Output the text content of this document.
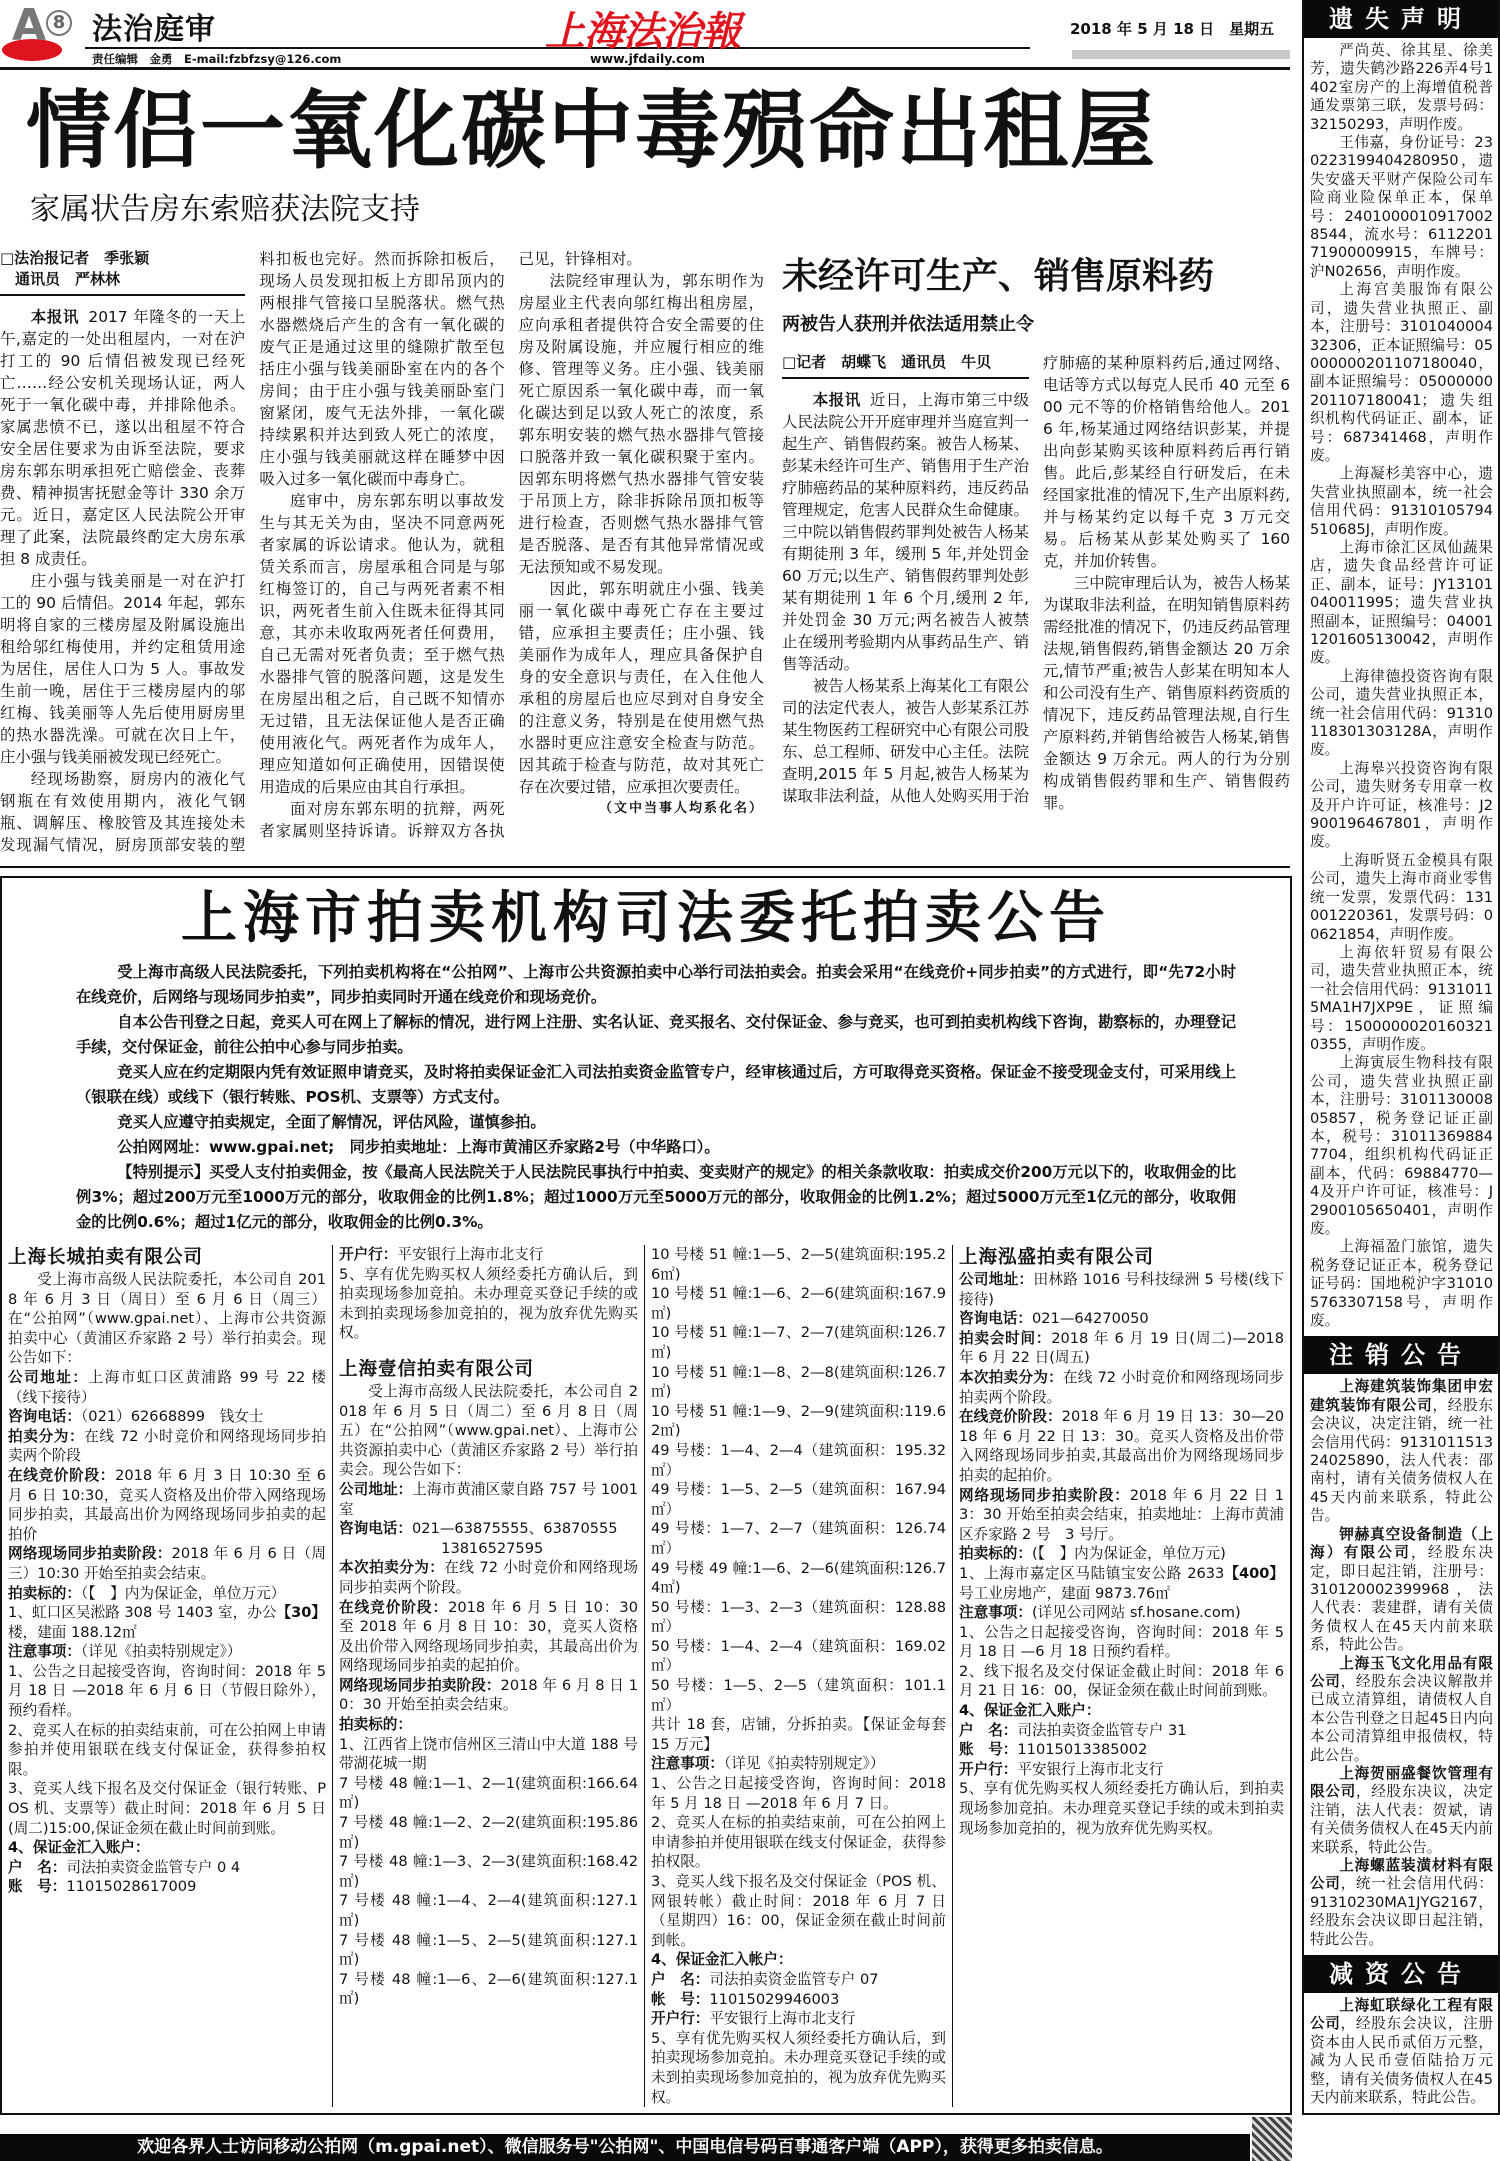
A 8 法治庭审
责任编辑　金勇　E-mail:fzbfzsy@126.com
上海法治報
www.jfdaily.com
2018 年 5 月 18 日　星期五
情侣一氧化碳中毒殒命出租屋
家属状告房东索赔获法院支持
□法治报记者　季张颖
　通讯员　严林林
本报讯 2017 年隆冬的一天上午,嘉定的一处出租屋内，一对在沪打工的 90 后情侣被发现已经死亡……经公安机关现场认证，两人死于一氧化碳中毒，并排除他杀。家属悲愤不已，遂以出租屋不符合安全居住要求为由诉至法院，要求房东郭东明承担死亡赔偿金、丧葬费、精神损害抚慰金等计 330 余万元。近日，嘉定区人民法院公开审理了此案，法院最终酌定大房东承担 8 成责任。
庄小强与钱美丽是一对在沪打工的 90 后情侣。2014 年起，郭东明将自家的三楼房屋及附属设施出租给邬红梅使用，并约定租赁用途为居住，居住人口为 5 人。事故发生前一晚，居住于三楼房屋内的邬红梅、钱美丽等人先后使用厨房里的热水器洗澡。可就在次日上午，庄小强与钱美丽被发现已经死亡。
经现场勘察，厨房内的液化气钢瓶在有效使用期内，液化气钢瓶、调解压、橡胶管及其连接处未发现漏气情况，厨房顶部安装的塑料扣板也完好。然而拆除扣板后，现场人员发现扣板上方即吊顶内的两根排气管接口呈脱落状。燃气热水器燃烧后产生的含有一氧化碳的废气正是通过这里的缝隙扩散至包括庄小强与钱美丽卧室在内的各个房间；由于庄小强与钱美丽卧室门窗紧闭，废气无法外排，一氧化碳持续累积并达到致人死亡的浓度，庄小强与钱美丽就这样在睡梦中因吸入过多一氧化碳而中毒身亡。
庭审中，房东郭东明以事故发生与其无关为由，坚决不同意两死者家属的诉讼请求。他认为，就租赁关系而言，房屋承租合同是与邬红梅签订的，自己与两死者素不相识，两死者生前入住既未征得其同意，其亦未收取两死者任何费用，自己无需对死者负责；至于燃气热水器排气管的脱落问题，这是发生在房屋出租之后，自己既不知情亦无过错，且无法保证他人是否正确使用液化气。两死者作为成年人，理应知道如何正确使用，因错误使用造成的后果应由其自行承担。
面对房东郭东明的抗辩，两死者家属则坚持诉请。诉辩双方各执己见，针锋相对。
法院经审理认为，郭东明作为房屋业主代表向邬红梅出租房屋，应向承租者提供符合安全需要的住房及附属设施，并应履行相应的维修、管理等义务。庄小强、钱美丽死亡原因系一氧化碳中毒，而一氧化碳达到足以致人死亡的浓度，系郭东明安装的燃气热水器排气管接口脱落并致一氧化碳积聚于室内。因郭东明将燃气热水器排气管安装于吊顶上方，除非拆除吊顶扣板等进行检查，否则燃气热水器排气管是否脱落、是否有其他异常情况或无法预知或不易发现。
因此，郭东明就庄小强、钱美丽一氧化碳中毒死亡存在主要过错，应承担主要责任；庄小强、钱美丽作为成年人，理应具备保护自身的安全意识与责任，在入住他人承租的房屋后也应尽到对自身安全的注意义务，特别是在使用燃气热水器时更应注意安全检查与防范。因其疏于检查与防范，故对其死亡存在次要过错，应承担次要责任。
（文中当事人均系化名）
未经许可生产、销售原料药
两被告人获刑并依法适用禁止令
□记者　胡蝶飞　通讯员　牛贝
本报讯 近日，上海市第三中级人民法院公开开庭审理并当庭宣判一起生产、销售假药案。被告人杨某、彭某未经许可生产、销售用于生产治疗肺癌药品的某种原料药，违反药品管理规定，危害人民群众生命健康。三中院以销售假药罪判处被告人杨某有期徒刑 3 年，缓刑 5 年,并处罚金 60 万元;以生产、销售假药罪判处彭某有期徒刑 1 年 6 个月,缓刑 2 年,并处罚金 30 万元;两名被告人被禁止在缓刑考验期内从事药品生产、销售等活动。
被告人杨某系上海某化工有限公司的法定代表人，被告人彭某系江苏某生物医药工程研究中心有限公司股东、总工程师、研发中心主任。法院查明,2015 年 5 月起,被告人杨某为谋取非法利益，从他人处购买用于治疗肺癌的某种原料药后,通过网络、电话等方式以每克人民币 40 元至 600 元不等的价格销售给他人。2016 年,杨某通过网络结识彭某，并提出向彭某购买该种原料药后再行销售。此后,彭某经自行研发后，在未经国家批准的情况下,生产出原料药,并与杨某约定以每千克 3 万元交易。后杨某从彭某处购买了 160 克，并加价转售。
三中院审理后认为，被告人杨某为谋取非法利益，在明知销售原料药需经批准的情况下，仍违反药品管理法规,销售假药,销售金额达 20 万余元,情节严重;被告人彭某在明知本人和公司没有生产、销售原料药资质的情况下，违反药品管理法规,自行生产原料药,并销售给被告人杨某,销售金额达 9 万余元。两人的行为分别构成销售假药罪和生产、销售假药罪。
上海市拍卖机构司法委托拍卖公告
受上海市高级人民法院委托，下列拍卖机构将在“公拍网”、上海市公共资源拍卖中心举行司法拍卖会。拍卖会采用“在线竞价+同步拍卖”的方式进行，即“先72小时在线竞价，后网络与现场同步拍卖”，同步拍卖同时开通在线竞价和现场竞价。
自本公告刊登之日起，竞买人可在网上了解标的情况，进行网上注册、实名认证、竞买报名、交付保证金、参与竞买，也可到拍卖机构线下咨询，勘察标的，办理登记手续，交付保证金，前往公拍中心参与同步拍卖。
竞买人应在约定期限内凭有效证照申请竞买，及时将拍卖保证金汇入司法拍卖资金监管专户，经审核通过后，方可取得竞买资格。保证金不接受现金支付，可采用线上（银联在线）或线下（银行转账、POS机、支票等）方式支付。
竞买人应遵守拍卖规定，全面了解情况，评估风险，谨慎参拍。
公拍网网址：www.gpai.net;　同步拍卖地址：上海市黄浦区乔家路2号（中华路口）。
【特别提示】买受人支付拍卖佣金，按《最高人民法院关于人民法院民事执行中拍卖、变卖财产的规定》的相关条款收取：拍卖成交价200万元以下的，收取佣金的比例3%；超过200万元至1000万元的部分，收取佣金的比例1.8%；超过1000万元至5000万元的部分，收取佣金的比例1.2%；超过5000万元至1亿元的部分，收取佣金的比例0.6%；超过1亿元的部分，收取佣金的比例0.3%。
上海长城拍卖有限公司
受上海市高级人民法院委托，本公司自 2018 年 6 月 3 日（周日）至 6 月 6 日（周三）在“公拍网”（www.gpai.net）、上海市公共资源拍卖中心（黄浦区乔家路 2 号）举行拍卖会。现公告如下：
公司地址：上海市虹口区黄浦路 99 号 22 楼（线下接待）
咨询电话：（021）62668899　钱女士
拍卖分为：在线 72 小时竞价和网络现场同步拍卖两个阶段
在线竞价阶段：2018 年 6 月 3 日 10:30 至 6 月 6 日 10:30，竞买人资格及出价带入网络现场同步拍卖，其最高出价为网络现场同步拍卖的起拍价
网络现场同步拍卖阶段：2018 年 6 月 6 日（周三）10:30 开始至拍卖会结束。
拍卖标的：（【　】内为保证金，单位万元）
【30】
1、虹口区吴淞路 308 号 1403 室，办公楼，建面 188.12㎡
注意事项：（详见《拍卖特别规定》）
1、公告之日起接受咨询，咨询时间：2018 年 5 月 18 日 —2018 年 6 月 6 日（节假日除外），预约看样。
2、竞买人在标的拍卖结束前，可在公拍网上申请参拍并使用银联在线支付保证金，获得参拍权限。
3、竞买人线下报名及交付保证金（银行转账、POS 机、支票等）截止时间：2018 年 6 月 5 日(周二)15:00,保证金须在截止时间前到账。
4、保证金汇入账户：
户　名：司法拍卖资金监管专户 0 4
账　号：11015028617009
开户行：平安银行上海市北支行
5、享有优先购买权人须经委托方确认后，到拍卖现场参加竞拍。未办理竞买登记手续的或未到拍卖现场参加竞拍的，视为放弃优先购买权。
上海壹信拍卖有限公司
受上海市高级人民法院委托，本公司自 2018 年 6 月 5 日（周二）至 6 月 8 日（周五）在“公拍网”（www.gpai.net）、上海市公共资源拍卖中心（黄浦区乔家路 2 号）举行拍卖会。现公告如下：
公司地址：上海市黄浦区蒙自路 757 号 1001 室
咨询电话：021—63875555、63870555
　　　　　　　13816527595
本次拍卖分为：在线 72 小时竞价和网络现场同步拍卖两个阶段。
在线竞价阶段：2018 年 6 月 5 日 10：30 至 2018 年 6 月 8 日 10：30，竞买人资格及出价带入网络现场同步拍卖，其最高出价为网络现场同步拍卖的起拍价。
网络现场同步拍卖阶段：2018 年 6 月 8 日 10：30 开始至拍卖会结束。
拍卖标的：
1、江西省上饶市信州区三清山中大道 188 号带湖花城一期
7 号楼 48 幢:1—1、2—1(建筑面积:166.64㎡)
7 号楼 48 幢:1—2、2—2(建筑面积:195.86㎡)
7 号楼 48 幢:1—3、2—3(建筑面积:168.42㎡)
7 号楼 48 幢:1—4、2—4(建筑面积:127.1㎡)
7 号楼 48 幢:1—5、2—5(建筑面积:127.1㎡)
7 号楼 48 幢:1—6、2—6(建筑面积:127.1㎡)
10 号楼 51 幢:1—5、2—5(建筑面积:195.26㎡)
10 号楼 51 幢:1—6、2—6(建筑面积:167.9㎡)
10 号楼 51 幢:1—7、2—7(建筑面积:126.7㎡)
10 号楼 51 幢:1—8、2—8(建筑面积:126.7㎡)
10 号楼 51 幢:1—9、2—9(建筑面积:119.62㎡)
49 号楼：1—4、2—4（建筑面积：195.32㎡）
49 号楼：1—5、2—5（建筑面积：167.94㎡）
49 号楼：1—7、2—7（建筑面积：126.74㎡）
49 号楼 49 幢:1—6、2—6(建筑面积:126.74㎡)
50 号楼：1—3、2—3（建筑面积：128.88㎡）
50 号楼：1—4、2—4（建筑面积：169.02㎡）
50 号楼：1—5、2—5（建筑面积：101.1㎡）
共计 18 套，店铺，分拆拍卖。【保证金每套 15 万元】
注意事项：（详见《拍卖特别规定》）
1、公告之日起接受咨询，咨询时间：2018 年 5 月 18 日 —2018 年 6 月 7 日。
2、竞买人在标的拍卖结束前，可在公拍网上申请参拍并使用银联在线支付保证金，获得参拍权限。
3、竞买人线下报名及交付保证金（POS 机、网银转帐）截止时间：2018 年 6 月 7 日（星期四）16：00，保证金须在截止时间前到帐。
4、保证金汇入帐户：
户　名：司法拍卖资金监管专户 07
帐　号：11015029946003
开户行：平安银行上海市北支行
5、享有优先购买权人须经委托方确认后，到拍卖现场参加竞拍。未办理竞买登记手续的或未到拍卖现场参加竞拍的，视为放弃优先购买权。
上海泓盛拍卖有限公司
公司地址：田林路 1016 号科技绿洲 5 号楼(线下接待)
咨询电话：021—64270050
拍卖会时间：2018 年 6 月 19 日(周二)—2018 年 6 月 22 日(周五)
本次拍卖分为：在线 72 小时竞价和网络现场同步拍卖两个阶段。
在线竞价阶段：2018 年 6 月 19 日 13：30—2018 年 6 月 22 日 13：30。竞买人资格及出价带入网络现场同步拍卖,其最高出价为网络现场同步拍卖的起拍价。
网络现场同步拍卖阶段：2018 年 6 月 22 日 13：30 开始至拍卖会结束，拍卖地址：上海市黄浦区乔家路 2 号　3 号厅。
拍卖标的：(【　】内为保证金，单位万元)
【400】
1、上海市嘉定区马陆镇宝安公路 2633 号工业房地产，建面 9873.76㎡
注意事项：(详见公司网站 sf.hosane.com)
1、公告之日起接受咨询，咨询时间：2018 年 5 月 18 日 —6 月 18 日预约看样。
2、线下报名及交付保证金截止时间：2018 年 6 月 21 日 16：00，保证金须在截止时间前到账。
4、保证金汇入账户：
户　名：司法拍卖资金监管专户 31
账　号：11015013385002
开户行：平安银行上海市北支行
5、享有优先购买权人须经委托方确认后，到拍卖现场参加竞拍。未办理竞买登记手续的或未到拍卖现场参加竞拍的，视为放弃优先购买权。
欢迎各界人士访问移动公拍网（m.gpai.net）、微信服务号"公拍网"、中国电信号码百事通客户端（APP），获得更多拍卖信息。
遗失声明
严尚英、徐其星、徐美芳，遗失鹤沙路226弄4号1402室房产的上海增值税普通发票第三联，发票号码：32150293，声明作废。
王伟嘉，身份证号：230223199404280950，遗失安盛天平财产保险公司车险商业险保单正本，保单号：24010000109170028544，流水号：611220171900009915，车牌号：沪N02656，声明作废。
上海宫美服饰有限公司，遗失营业执照正、副本，注册号：310104000432306，正本证照编号：05000000201107180040，副本证照编号：05000000201107180041；遗失组织机构代码证正、副本，证号：687341468，声明作废。
上海凝杉美容中心，遗失营业执照副本，统一社会信用代码：91310105794510685J，声明作废。
上海市徐汇区凤仙蔬果店，遗失食品经营许可证正、副本，证号：JY13101040011995；遗失营业执照副本，证照编号：040011201605130042，声明作废。
上海律德投资咨询有限公司，遗失营业执照正本，统一社会信用代码：91310118301303128A，声明作废。
上海皋兴投资咨询有限公司，遗失财务专用章一枚及开户许可证，核准号：J2900196467801，声明作废。
上海昕贤五金模具有限公司，遗失上海市商业零售统一发票，发票代码：131001220361，发票号码：00621854，声明作废。
上海依轩贸易有限公司，遗失营业执照正本，统一社会信用代码：91310115MA1H7JXP9E，证照编号：15000000201603210355，声明作废。
上海寅辰生物科技有限公司，遗失营业执照正副本，注册号：310113000805857，税务登记证正副本，税号：310113698847704，组织机构代码证正副本，代码：69884770—4及开户许可证，核准号：J2900105650401，声明作废。
上海福盈门旅馆，遗失税务登记证正本，税务登记证号码：国地税沪字310105763307158号，声明作废。
注销公告
上海建筑装饰集团申宏建筑装饰有限公司，经股东会决议，决定注销，统一社会信用代码：913101151324025890，法人代表：邵南村，请有关债务债权人在45天内前来联系，特此公告。
钾赫真空设备制造（上海）有限公司，经股东决定，即日起注销，注册号：310120002399968，法人代表：裴建群，请有关债务债权人在45天内前来联系，特此公告。
上海玉飞文化用品有限公司，经股东会决议解散并已成立清算组，请债权人自本公告刊登之日起45日内向本公司清算组申报债权，特此公告。
上海贺丽盛餐饮管理有限公司，经股东决议，决定注销，法人代表：贺斌，请有关债务债权人在45天内前来联系，特此公告。
上海螺蓝装潢材料有限公司，统一社会信用代码：91310230MA1JYG2167，经股东会决议即日起注销，特此公告。
减资公告
上海虹联绿化工程有限公司，经股东会决议，注册资本由人民币贰佰万元整，减为人民币壹佰陆拾万元整，请有关债务债权人在45天内前来联系，特此公告。
